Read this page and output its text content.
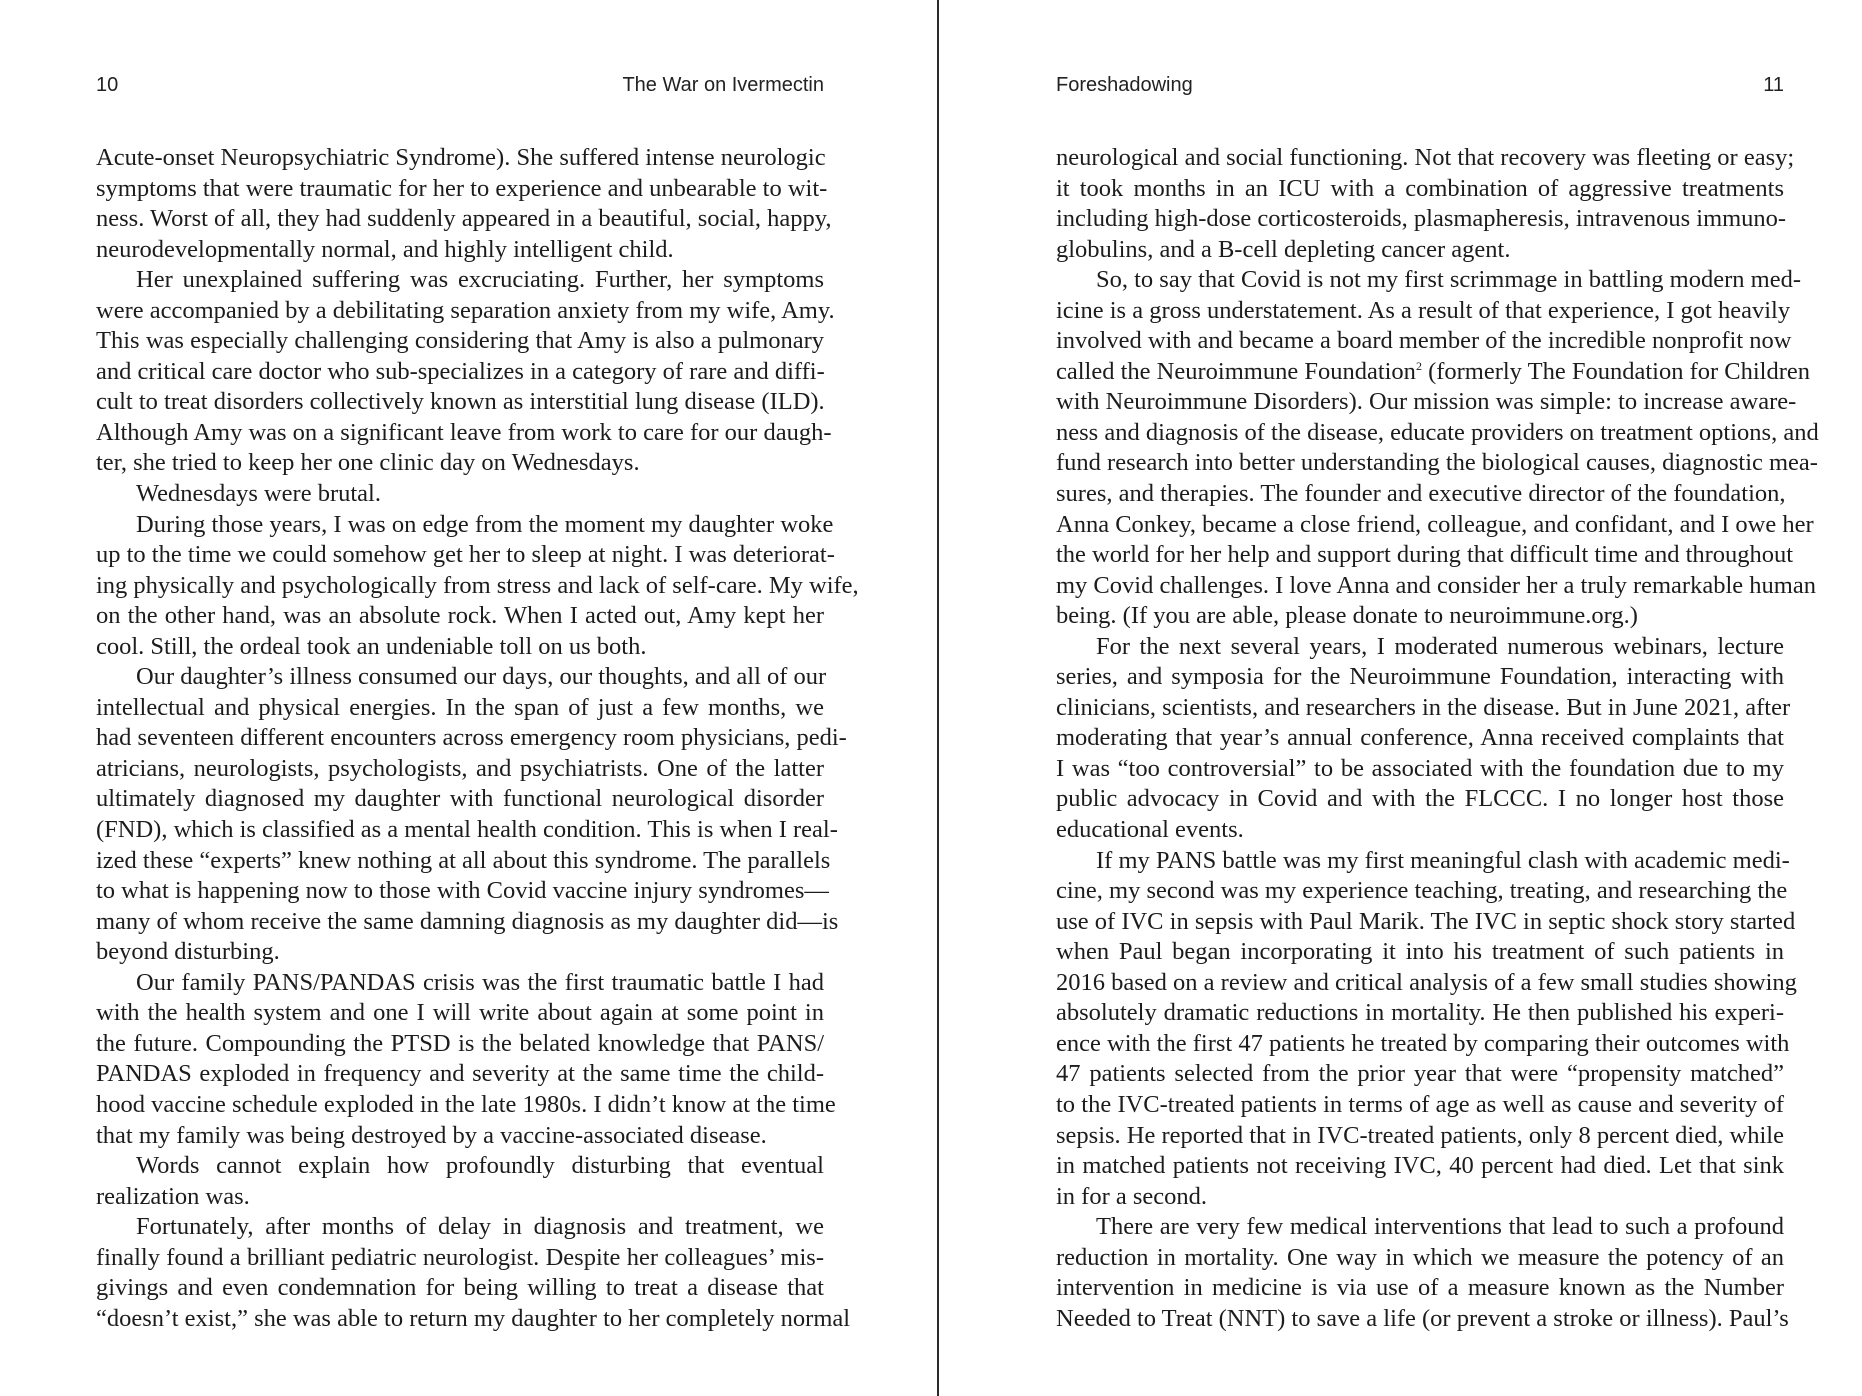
10	The War on Ivermectin
Acute-onset Neuropsychiatric Syndrome). She suffered intense neurologic
symptoms that were traumatic for her to experience and unbearable to wit-
ness. Worst of all, they had suddenly appeared in a beautiful, social, happy,
neurodevelopmentally normal, and highly intelligent child.
Her unexplained suffering was excruciating. Further, her symptoms
were accompanied by a debilitating separation anxiety from my wife, Amy.
This was especially challenging considering that Amy is also a pulmonary
and critical care doctor who sub-specializes in a category of rare and diffi-
cult to treat disorders collectively known as interstitial lung disease (ILD).
Although Amy was on a significant leave from work to care for our daugh-
ter, she tried to keep her one clinic day on Wednesdays.
Wednesdays were brutal.
During those years, I was on edge from the moment my daughter woke
up to the time we could somehow get her to sleep at night. I was deteriorat-
ing physically and psychologically from stress and lack of self-care. My wife,
on the other hand, was an absolute rock. When I acted out, Amy kept her
cool. Still, the ordeal took an undeniable toll on us both.
Our daughter’s illness consumed our days, our thoughts, and all of our
intellectual and physical energies. In the span of just a few months, we
had seventeen different encounters across emergency room physicians, pedi-
atricians, neurologists, psychologists, and psychiatrists. One of the latter
ultimately diagnosed my daughter with functional neurological disorder
(FND), which is classified as a mental health condition. This is when I real-
ized these “experts” knew nothing at all about this syndrome. The parallels
to what is happening now to those with Covid vaccine injury syndromes—
many of whom receive the same damning diagnosis as my daughter did—is
beyond disturbing.
Our family PANS/PANDAS crisis was the first traumatic battle I had
with the health system and one I will write about again at some point in
the future. Compounding the PTSD is the belated knowledge that PANS/
PANDAS exploded in frequency and severity at the same time the child-
hood vaccine schedule exploded in the late 1980s. I didn’t know at the time
that my family was being destroyed by a vaccine-associated disease.
Words cannot explain how profoundly disturbing that eventual
realization was.
Fortunately, after months of delay in diagnosis and treatment, we
finally found a brilliant pediatric neurologist. Despite her colleagues’ mis-
givings and even condemnation for being willing to treat a disease that
“doesn’t exist,” she was able to return my daughter to her completely normal
Foreshadowing	11
neurological and social functioning. Not that recovery was fleeting or easy;
it took months in an ICU with a combination of aggressive treatments
including high-dose corticosteroids, plasmapheresis, intravenous immuno-
globulins, and a B-cell depleting cancer agent.
So, to say that Covid is not my first scrimmage in battling modern med-
icine is a gross understatement. As a result of that experience, I got heavily
involved with and became a board member of the incredible nonprofit now
called the Neuroimmune Foundation$^2$ (formerly The Foundation for Children
with Neuroimmune Disorders). Our mission was simple: to increase aware-
ness and diagnosis of the disease, educate providers on treatment options, and
fund research into better understanding the biological causes, diagnostic mea-
sures, and therapies. The founder and executive director of the foundation,
Anna Conkey, became a close friend, colleague, and confidant, and I owe her
the world for her help and support during that difficult time and throughout
my Covid challenges. I love Anna and consider her a truly remarkable human
being. (If you are able, please donate to neuroimmune.org.)
For the next several years, I moderated numerous webinars, lecture
series, and symposia for the Neuroimmune Foundation, interacting with
clinicians, scientists, and researchers in the disease. But in June 2021, after
moderating that year’s annual conference, Anna received complaints that
I was “too controversial” to be associated with the foundation due to my
public advocacy in Covid and with the FLCCC. I no longer host those
educational events.
If my PANS battle was my first meaningful clash with academic medi-
cine, my second was my experience teaching, treating, and researching the
use of IVC in sepsis with Paul Marik. The IVC in septic shock story started
when Paul began incorporating it into his treatment of such patients in
2016 based on a review and critical analysis of a few small studies showing
absolutely dramatic reductions in mortality. He then published his experi-
ence with the first 47 patients he treated by comparing their outcomes with
47 patients selected from the prior year that were “propensity matched”
to the IVC-treated patients in terms of age as well as cause and severity of
sepsis. He reported that in IVC-treated patients, only 8 percent died, while
in matched patients not receiving IVC, 40 percent had died. Let that sink
in for a second.
There are very few medical interventions that lead to such a profound
reduction in mortality. One way in which we measure the potency of an
intervention in medicine is via use of a measure known as the Number
Needed to Treat (NNT) to save a life (or prevent a stroke or illness). Paul’s
